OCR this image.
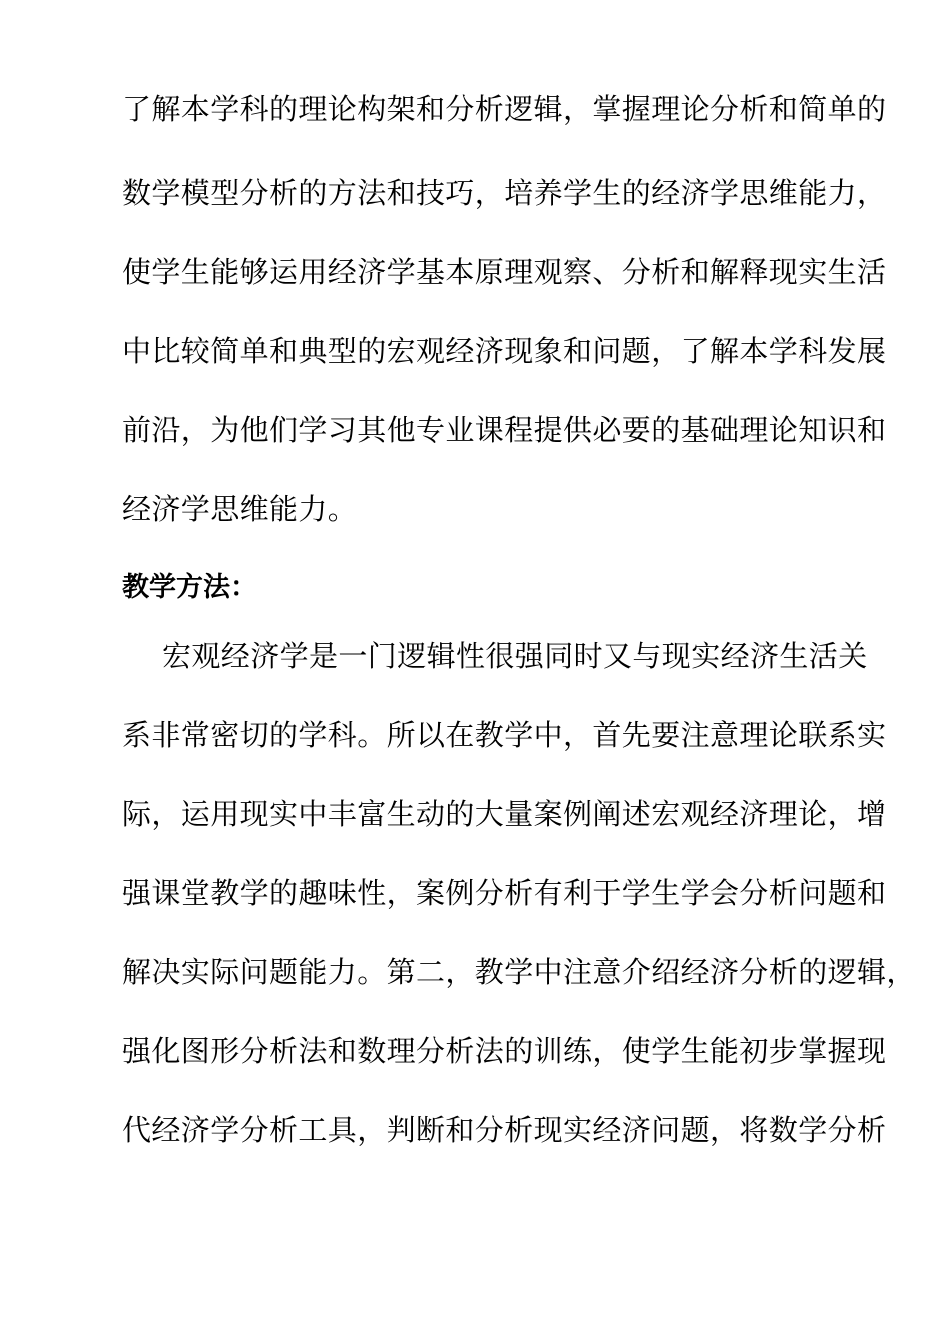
了解本学科的理论构架和分析逻辑，掌握理论分析和简单的
数学模型分析的方法和技巧，培养学生的经济学思维能力，
使学生能够运用经济学基本原理观察、分析和解释现实生活
中比较简单和典型的宏观经济现象和问题，了解本学科发展
前沿，为他们学习其他专业课程提供必要的基础理论知识和
经济学思维能力。
教学方法：
宏观经济学是一门逻辑性很强同时又与现实经济生活关
系非常密切的学科。所以在教学中，首先要注意理论联系实
际，运用现实中丰富生动的大量案例阐述宏观经济理论，增
强课堂教学的趣味性，案例分析有利于学生学会分析问题和
解决实际问题能力。第二，教学中注意介绍经济分析的逻辑，
强化图形分析法和数理分析法的训练，使学生能初步掌握现
代经济学分析工具，判断和分析现实经济问题，将数学分析
